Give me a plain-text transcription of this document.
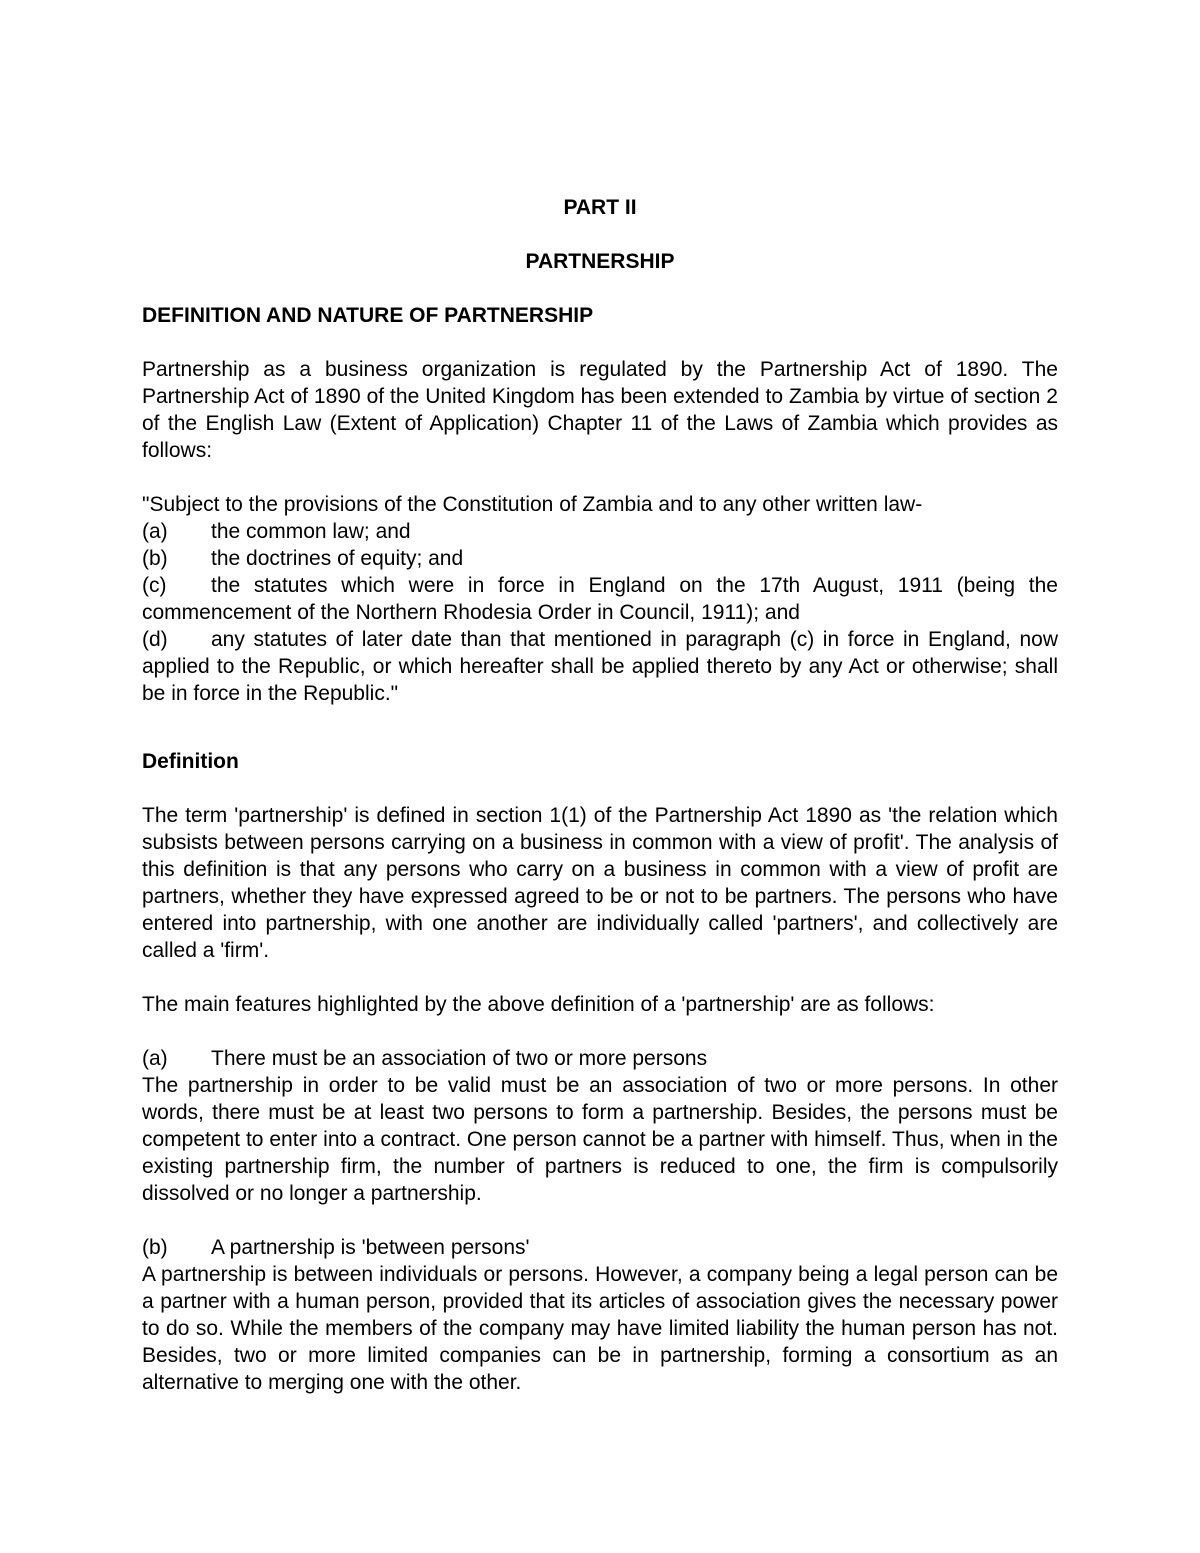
PART II

PARTNERSHIP

DEFINITION AND NATURE OF PARTNERSHIP

Partnership as a business organization is regulated by the Partnership Act of 1890. The Partnership Act of 1890 of the United Kingdom has been extended to Zambia by virtue of section 2 of the English Law (Extent of Application) Chapter 11 of the Laws of Zambia which provides as follows:

"Subject to the provisions of the Constitution of Zambia and to any other written law-

(a) the common law; and

(b) the doctrines of equity; and

(c) the statutes which were in force in England on the 17th August, 1911 (being the commencement of the Northern Rhodesia Order in Council, 1911); and

(d) any statutes of later date than that mentioned in paragraph (c) in force in England, now applied to the Republic, or which hereafter shall be applied thereto by any Act or otherwise; shall be in force in the Republic."

Definition

The term 'partnership' is defined in section 1(1) of the Partnership Act 1890 as 'the relation which subsists between persons carrying on a business in common with a view of profit'. The analysis of this definition is that any persons who carry on a business in common with a view of profit are partners, whether they have expressed agreed to be or not to be partners. The persons who have entered into partnership, with one another are individually called 'partners', and collectively are called a 'firm'.

The main features highlighted by the above definition of a 'partnership' are as follows:

(a) There must be an association of two or more persons

The partnership in order to be valid must be an association of two or more persons. In other words, there must be at least two persons to form a partnership. Besides, the persons must be competent to enter into a contract. One person cannot be a partner with himself. Thus, when in the existing partnership firm, the number of partners is reduced to one, the firm is compulsorily dissolved or no longer a partnership.

(b) A partnership is 'between persons'

A partnership is between individuals or persons. However, a company being a legal person can be a partner with a human person, provided that its articles of association gives the necessary power to do so. While the members of the company may have limited liability the human person has not. Besides, two or more limited companies can be in partnership, forming a consortium as an alternative to merging one with the other.
